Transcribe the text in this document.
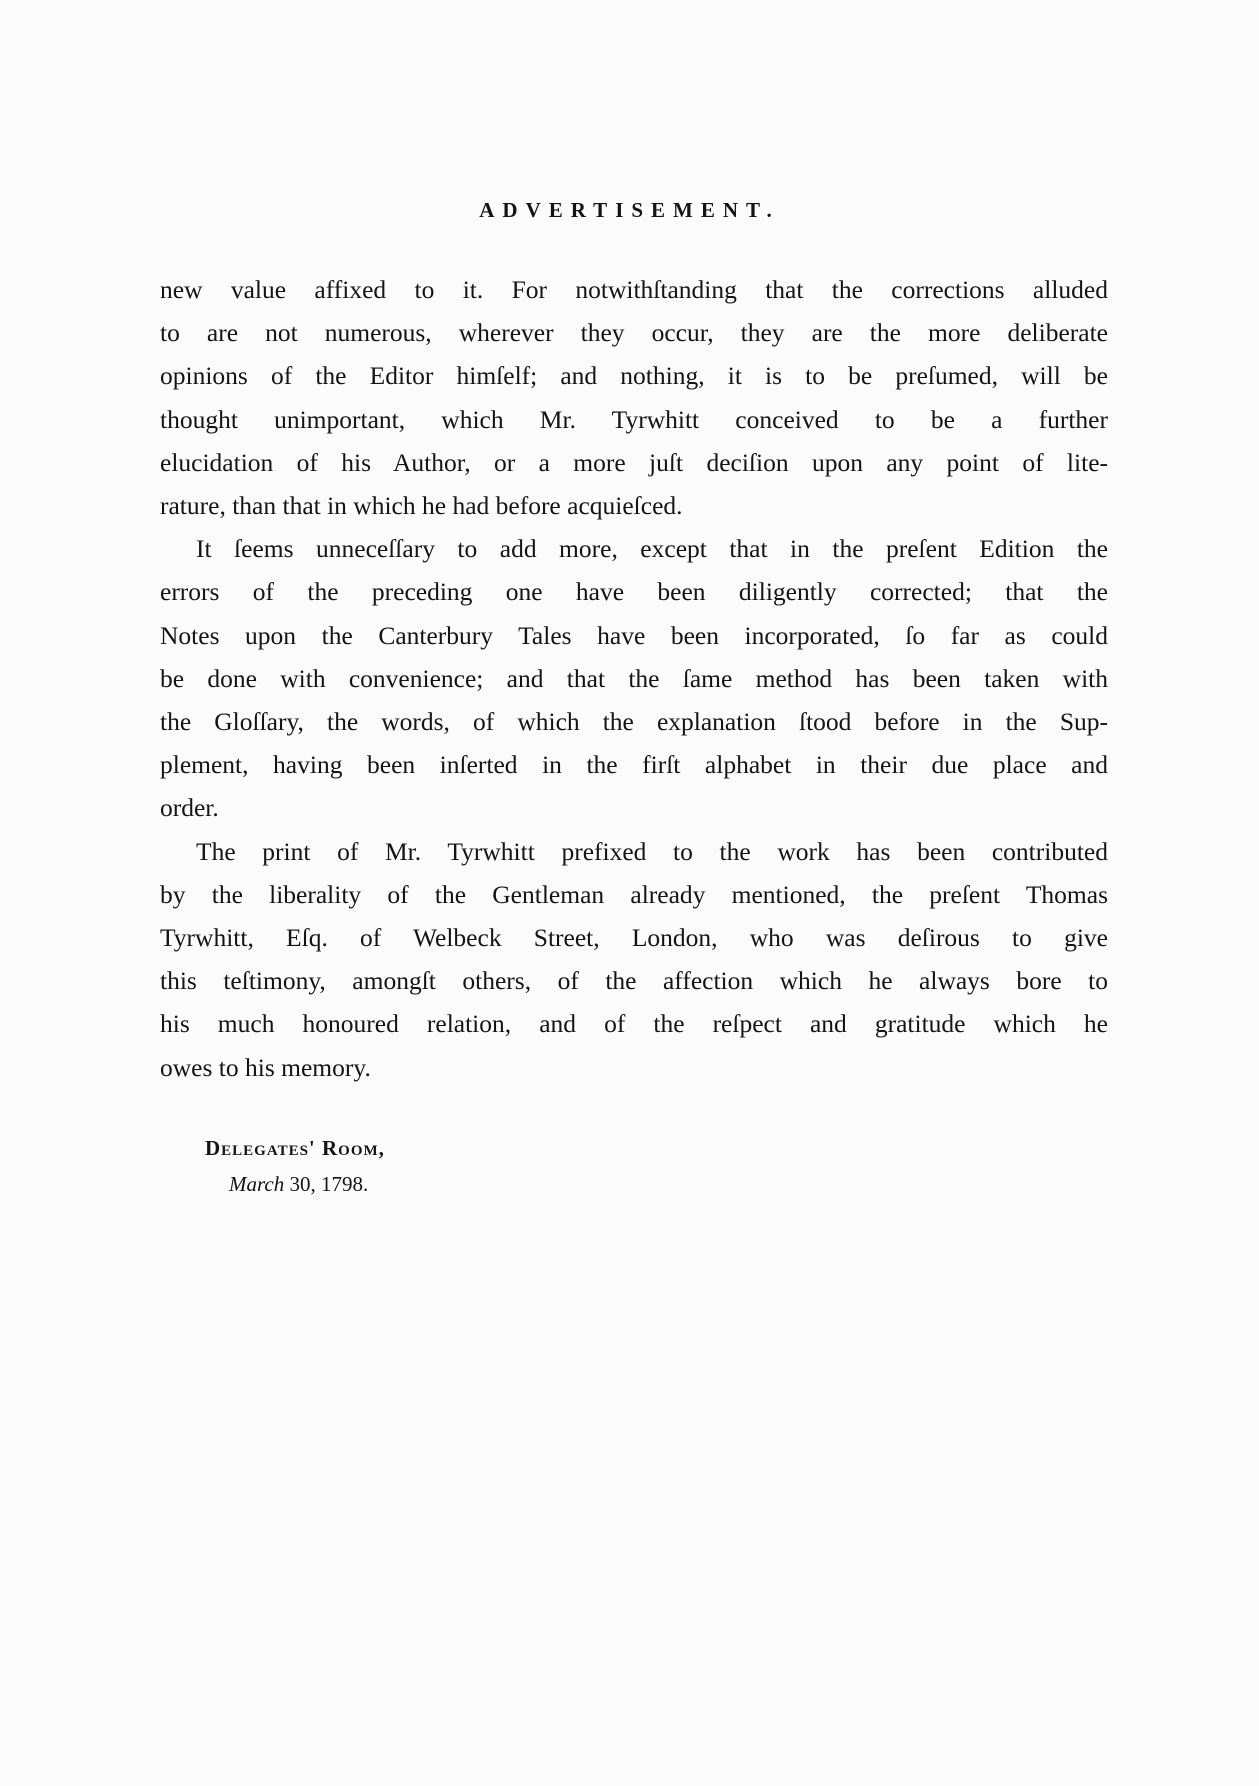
ADVERTISEMENT.
new value affixed to it. For notwithſtanding that the corrections alluded
to are not numerous, wherever they occur, they are the more deliberate
opinions of the Editor himſelf; and nothing, it is to be preſumed, will be
thought unimportant, which Mr. Tyrwhitt conceived to be a further
elucidation of his Author, or a more juſt deciſion upon any point of lite-
rature, than that in which he had before acquieſced.
It ſeems unneceſſary to add more, except that in the preſent Edition the
errors of the preceding one have been diligently corrected; that the
Notes upon the Canterbury Tales have been incorporated, ſo far as could
be done with convenience; and that the ſame method has been taken with
the Gloſſary, the words, of which the explanation ſtood before in the Sup-
plement, having been inſerted in the firſt alphabet in their due place and
order.
The print of Mr. Tyrwhitt prefixed to the work has been contributed
by the liberality of the Gentleman already mentioned, the preſent Thomas
Tyrwhitt, Eſq. of Welbeck Street, London, who was deſirous to give
this teſtimony, amongſt others, of the affection which he always bore to
his much honoured relation, and of the reſpect and gratitude which he
owes to his memory.
Delegates' Room,
March 30, 1798.
